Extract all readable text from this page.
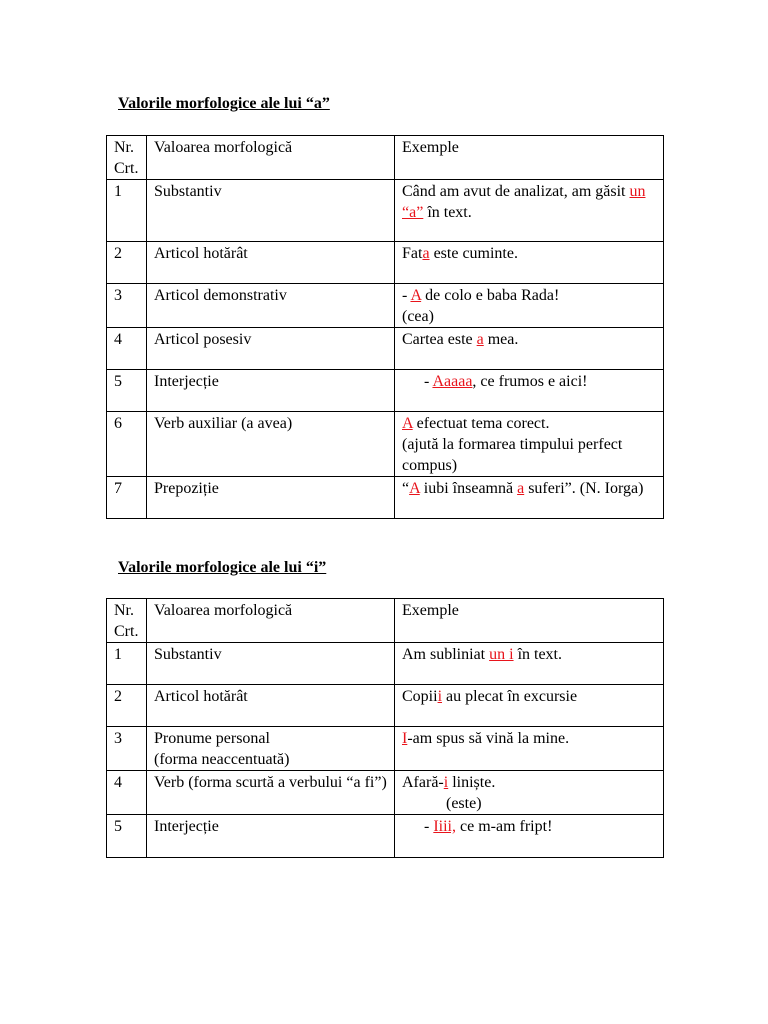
Valorile morfologice ale lui “a”
Nr. Crt.	Valoarea morfologică	Exemple
1	Substantiv	Când am avut de analizat, am găsit un “a” în text.
2	Articol hotărât	Fata este cuminte.
3	Articol demonstrativ	- A de colo e baba Rada!
(cea)
4	Articol posesiv	Cartea este a mea.
5	Interjecție	- Aaaaa, ce frumos e aici!
6	Verb auxiliar (a avea)	A efectuat tema corect.
(ajută la formarea timpului perfect compus)
7	Prepoziție	“A iubi înseamnă a suferi”. (N. Iorga)
Valorile morfologice ale lui “i”
Nr. Crt.	Valoarea morfologică	Exemple
1	Substantiv	Am subliniat un i în text.
2	Articol hotărât	Copiii au plecat în excursie
3	Pronume personal
(forma neaccentuată)	I-am spus să vină la mine.
4	Verb (forma scurtă a verbului “a fi”)	Afară-i liniște.
(este)
5	Interjecție	- Iiii, ce m-am fript!
